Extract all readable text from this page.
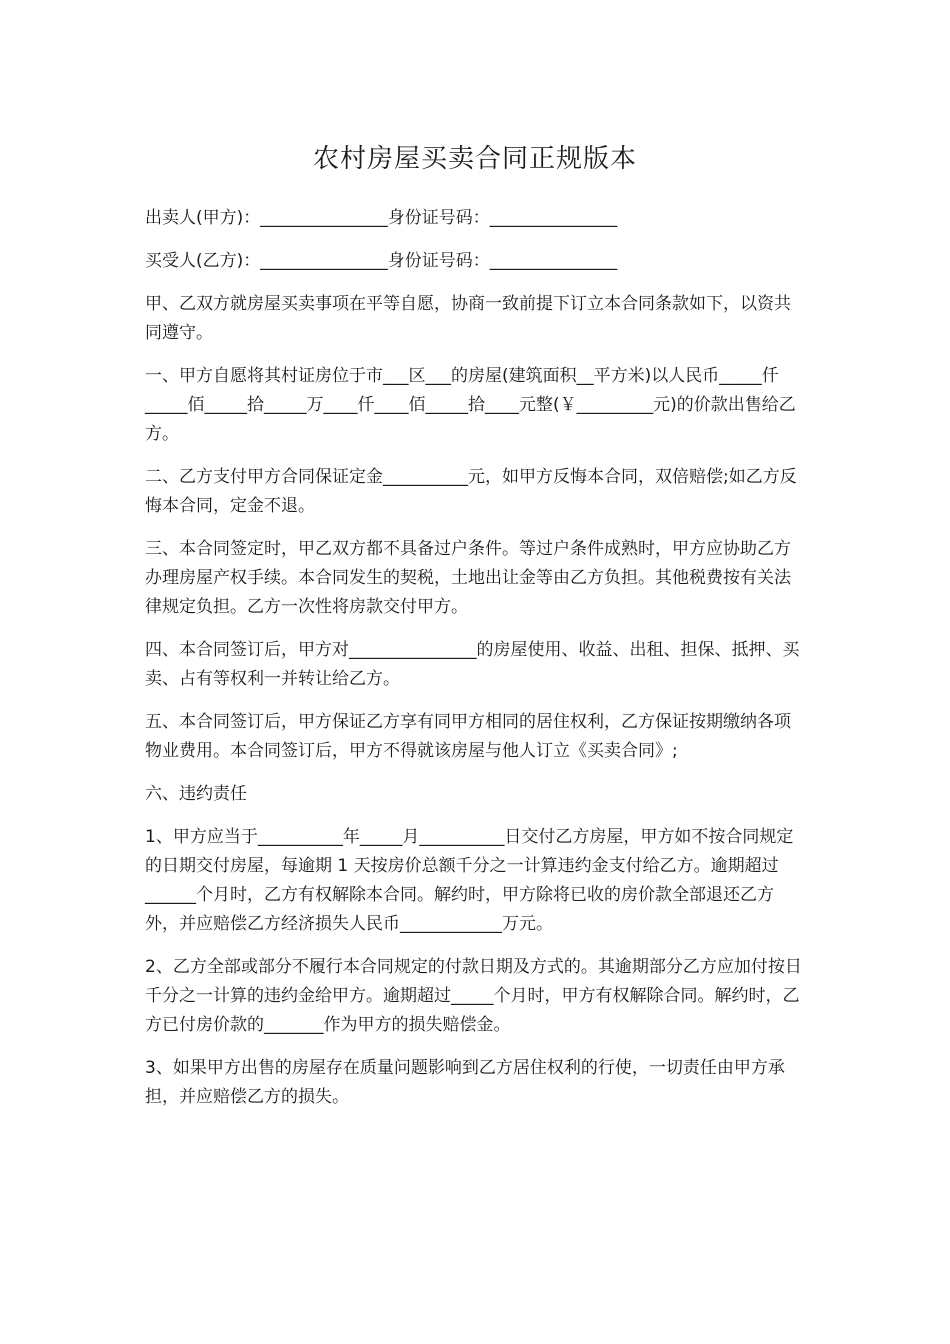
农村房屋买卖合同正规版本

出卖人(甲方)：_______________身份证号码：_______________

买受人(乙方)：_______________身份证号码：_______________

甲、乙双方就房屋买卖事项在平等自愿，协商一致前提下订立本合同条款如下，以资共同遵守。

一、甲方自愿将其村证房位于市___区___的房屋(建筑面积__平方米)以人民币_____仟_____佰_____拾_____万____仟____佰_____拾____元整(￥_________元)的价款出售给乙方。

二、乙方支付甲方合同保证定金__________元，如甲方反悔本合同，双倍赔偿;如乙方反悔本合同，定金不退。

三、本合同签定时，甲乙双方都不具备过户条件。等过户条件成熟时，甲方应协助乙方办理房屋产权手续。本合同发生的契税，土地出让金等由乙方负担。其他税费按有关法律规定负担。乙方一次性将房款交付甲方。

四、本合同签订后，甲方对_______________的房屋使用、收益、出租、担保、抵押、买卖、占有等权利一并转让给乙方。

五、本合同签订后，甲方保证乙方享有同甲方相同的居住权利，乙方保证按期缴纳各项物业费用。本合同签订后，甲方不得就该房屋与他人订立《买卖合同》;

六、违约责任

1、甲方应当于__________年_____月__________日交付乙方房屋，甲方如不按合同规定的日期交付房屋，每逾期 1 天按房价总额千分之一计算违约金支付给乙方。逾期超过______个月时，乙方有权解除本合同。解约时，甲方除将已收的房价款全部退还乙方外，并应赔偿乙方经济损失人民币____________万元。

2、乙方全部或部分不履行本合同规定的付款日期及方式的。其逾期部分乙方应加付按日千分之一计算的违约金给甲方。逾期超过_____个月时，甲方有权解除合同。解约时，乙方已付房价款的_______作为甲方的损失赔偿金。

3、如果甲方出售的房屋存在质量问题影响到乙方居住权利的行使，一切责任由甲方承担，并应赔偿乙方的损失。
